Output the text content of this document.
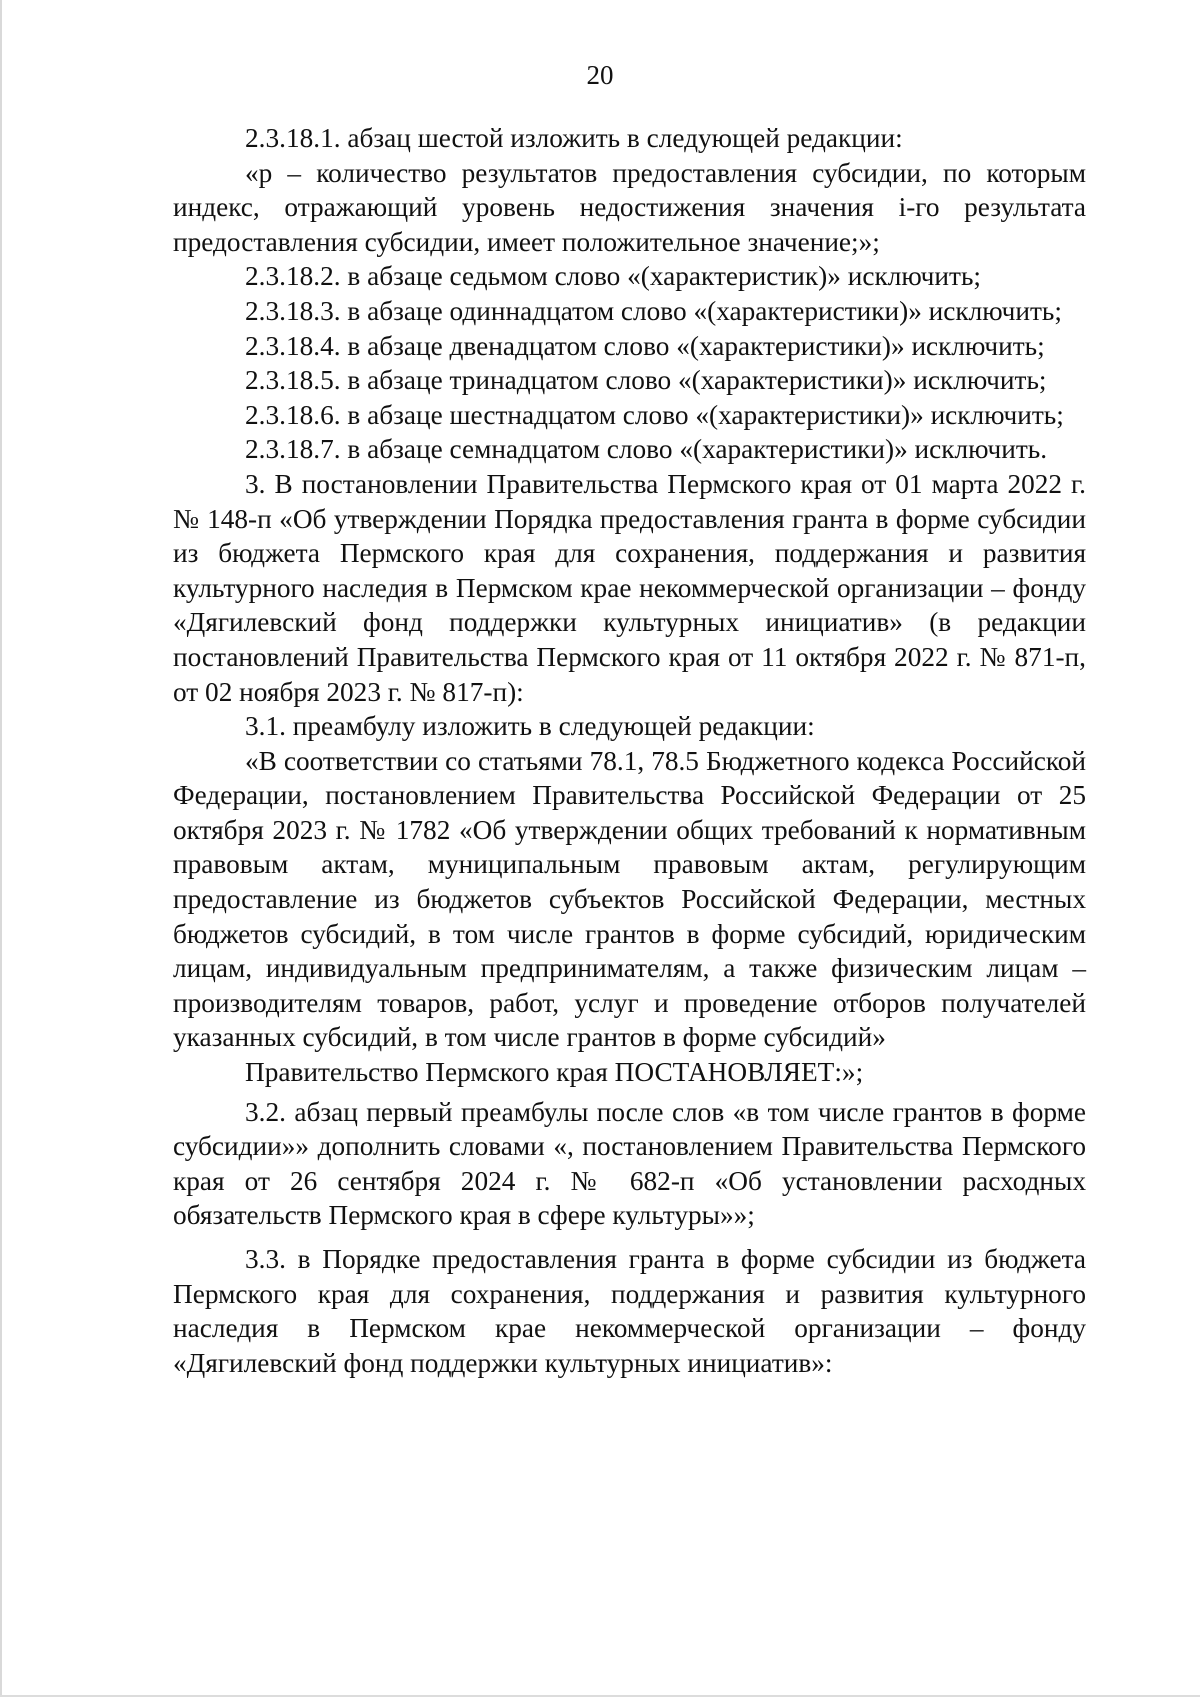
20

2.3.18.1. абзац шестой изложить в следующей редакции:

«р – количество результатов предоставления субсидии, по которым индекс, отражающий уровень недостижения значения i-го результата предоставления субсидии, имеет положительное значение;»;

2.3.18.2. в абзаце седьмом слово «(характеристик)» исключить;

2.3.18.3. в абзаце одиннадцатом слово «(характеристики)» исключить;

2.3.18.4. в абзаце двенадцатом слово «(характеристики)» исключить;

2.3.18.5. в абзаце тринадцатом слово «(характеристики)» исключить;

2.3.18.6. в абзаце шестнадцатом слово «(характеристики)» исключить;

2.3.18.7. в абзаце семнадцатом слово «(характеристики)» исключить.

3. В постановлении Правительства Пермского края от 01 марта 2022 г. № 148-п «Об утверждении Порядка предоставления гранта в форме субсидии из бюджета Пермского края для сохранения, поддержания и развития культурного наследия в Пермском крае некоммерческой организации – фонду «Дягилевский фонд поддержки культурных инициатив» (в редакции постановлений Правительства Пермского края от 11 октября 2022 г. № 871-п, от 02 ноября 2023 г. № 817-п):

3.1. преамбулу изложить в следующей редакции:

«В соответствии со статьями 78.1, 78.5 Бюджетного кодекса Российской Федерации, постановлением Правительства Российской Федерации от 25 октября 2023 г. № 1782 «Об утверждении общих требований к нормативным правовым актам, муниципальным правовым актам, регулирующим предоставление из бюджетов субъектов Российской Федерации, местных бюджетов субсидий, в том числе грантов в форме субсидий, юридическим лицам, индивидуальным предпринимателям, а также физическим лицам – производителям товаров, работ, услуг и проведение отборов получателей указанных субсидий, в том числе грантов в форме субсидий»

Правительство Пермского края ПОСТАНОВЛЯЕТ:»;

3.2. абзац первый преамбулы после слов «в том числе грантов в форме субсидии»» дополнить словами «, постановлением Правительства Пермского края от 26 сентября 2024 г. № 682-п «Об установлении расходных обязательств Пермского края в сфере культуры»»;

3.3. в Порядке предоставления гранта в форме субсидии из бюджета Пермского края для сохранения, поддержания и развития культурного наследия в Пермском крае некоммерческой организации – фонду «Дягилевский фонд поддержки культурных инициатив»:
